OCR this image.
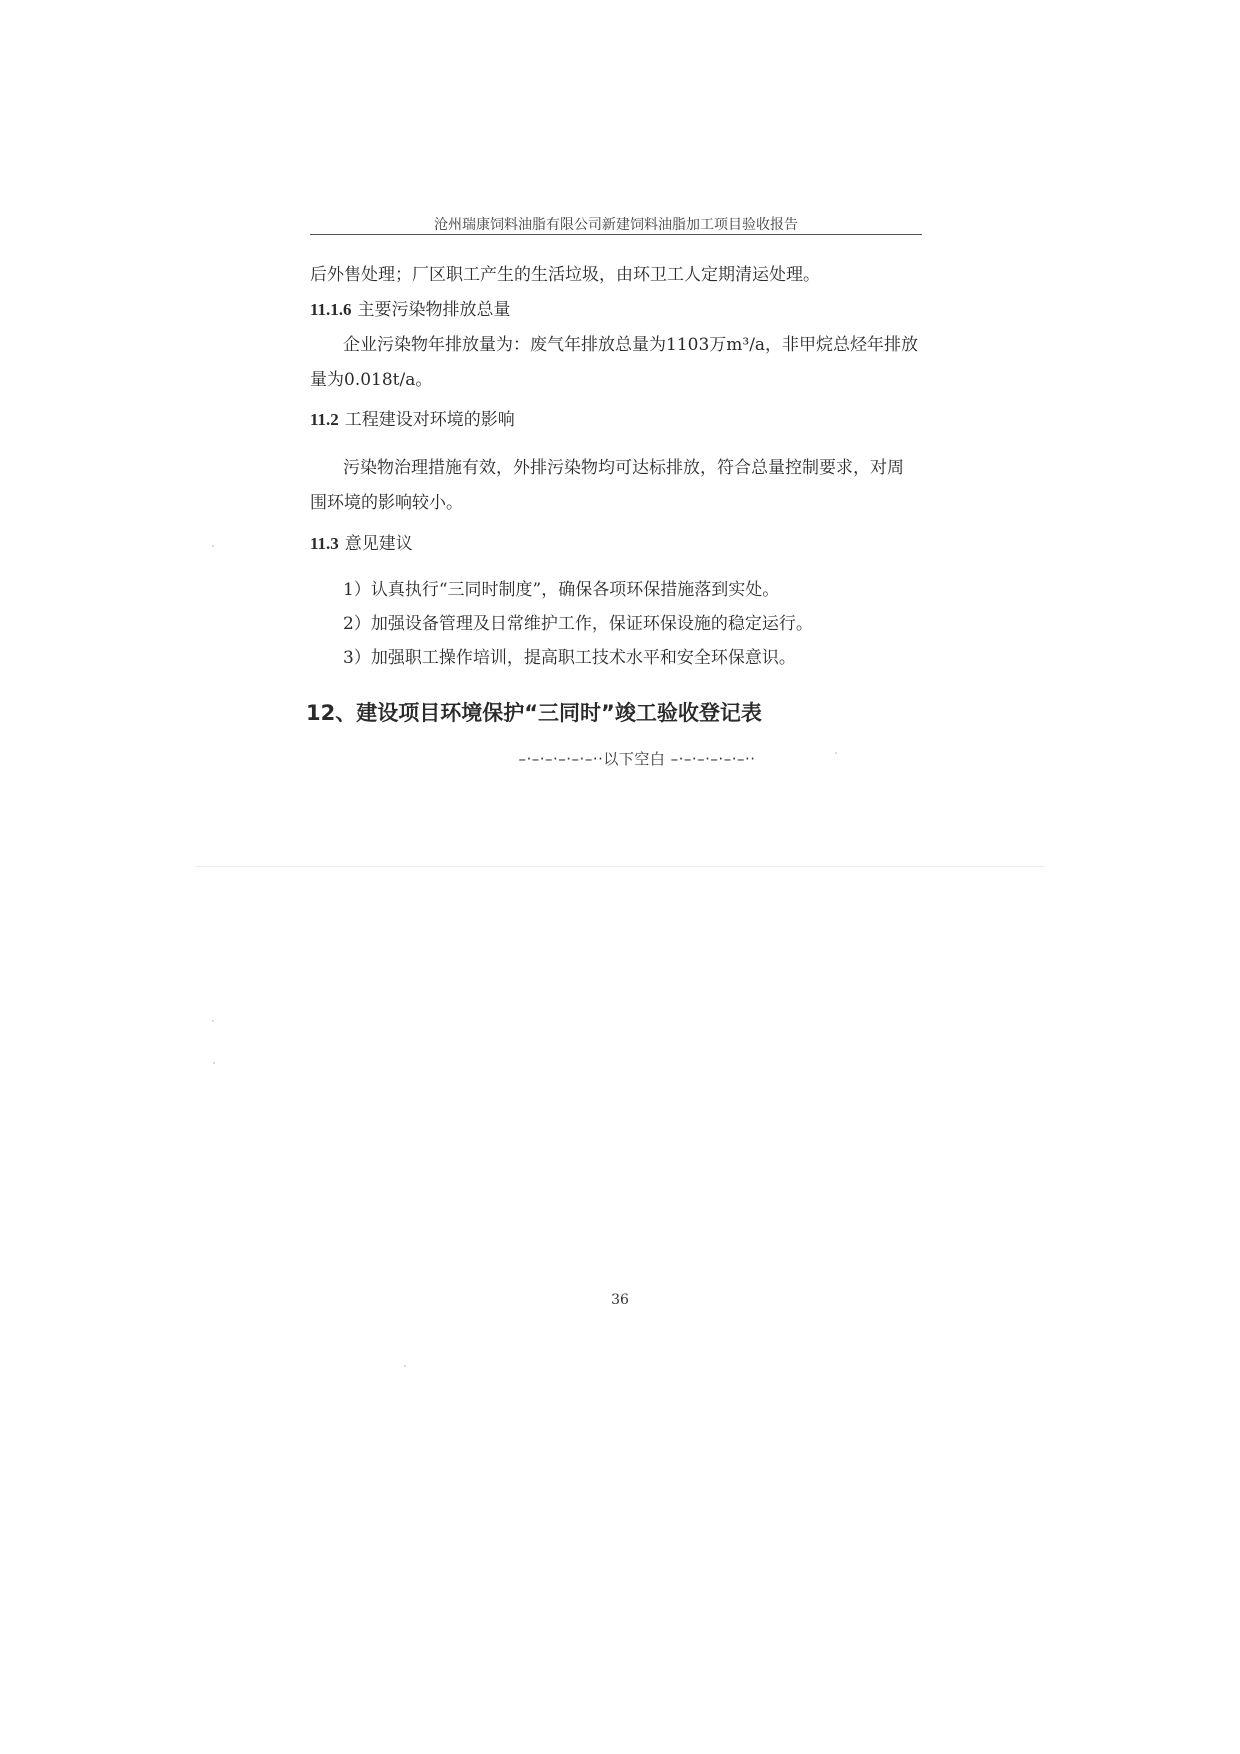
沧州瑞康饲料油脂有限公司新建饲料油脂加工项目验收报告
后外售处理；厂区职工产生的生活垃圾，由环卫工人定期清运处理。
11.1.6 主要污染物排放总量
企业污染物年排放量为：废气年排放总量为1103万m³/a，非甲烷总烃年排放
量为0.018t/a。
11.2 工程建设对环境的影响
污染物治理措施有效，外排污染物均可达标排放，符合总量控制要求，对周
围环境的影响较小。
11.3 意见建议
1）认真执行“三同时制度”，确保各项环保措施落到实处。
2）加强设备管理及日常维护工作，保证环保设施的稳定运行。
3）加强职工操作培训，提高职工技术水平和安全环保意识。
12、建设项目环境保护“三同时”竣工验收登记表
–·–·–·–·–·–··以下空白 –·–·–·–·–·–··
36
